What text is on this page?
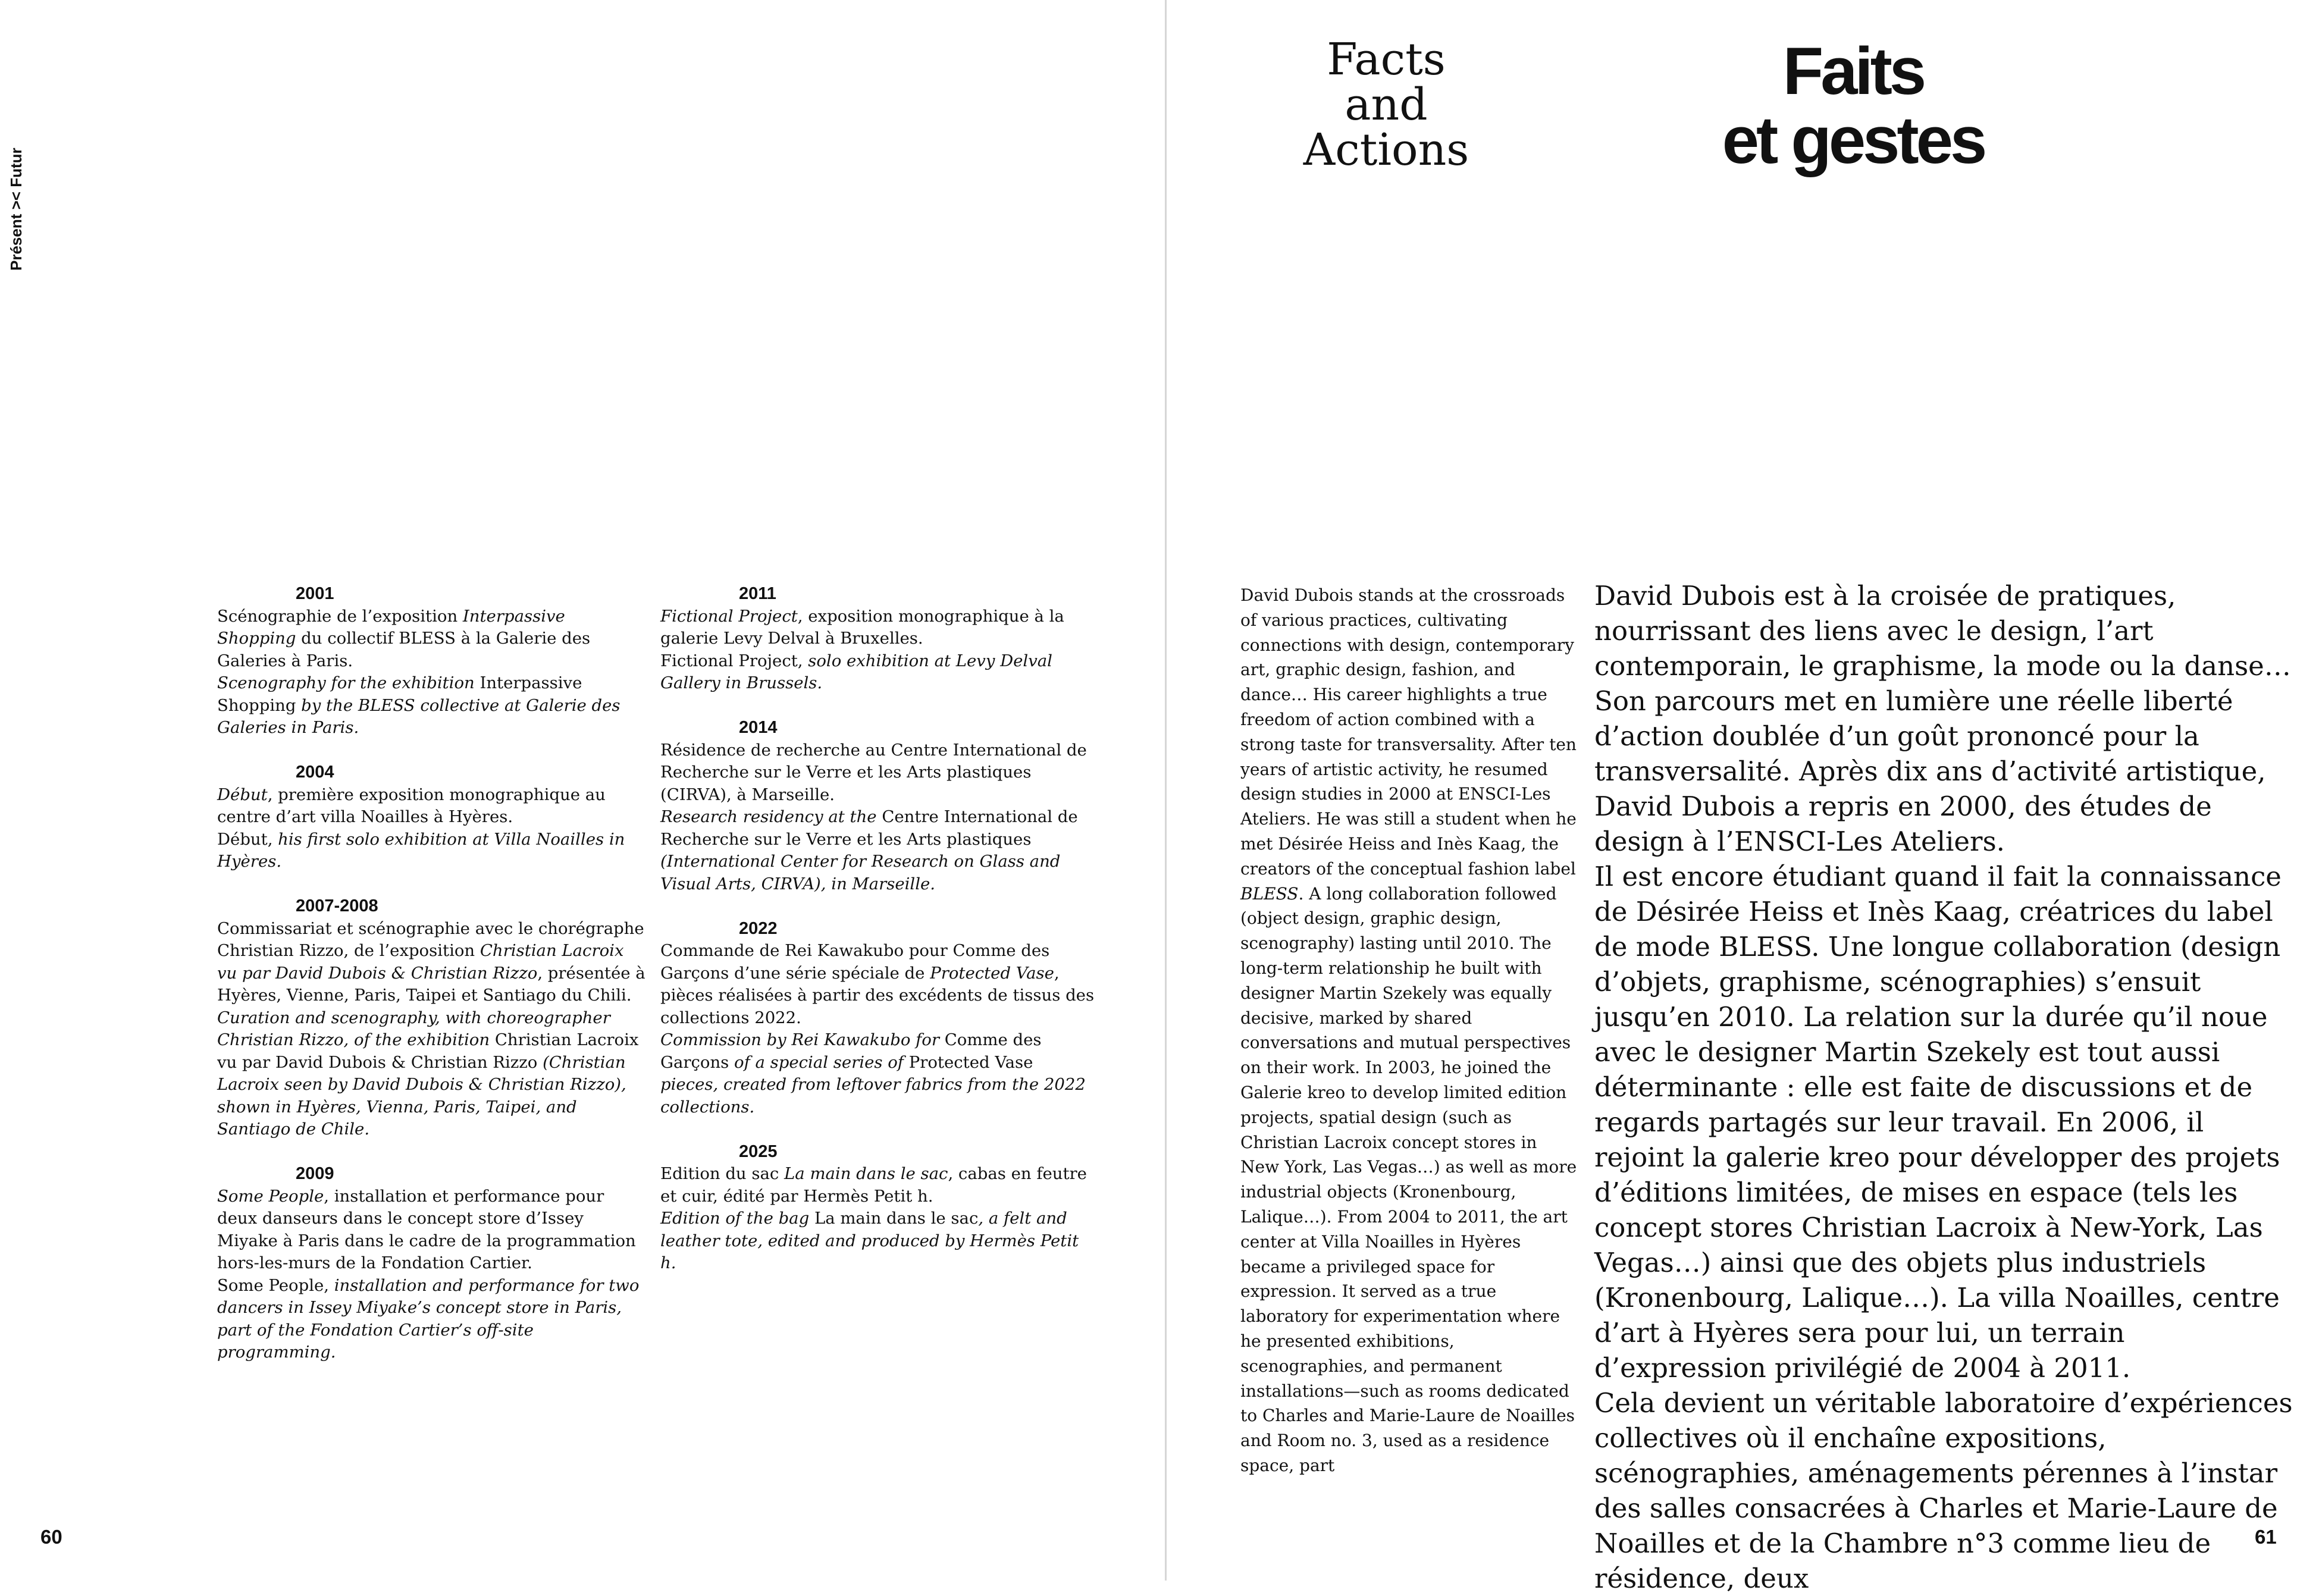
Présent >< Futur
60	61
Facts
and
Actions
Faits
et gestes
2001

Scénographie de l’exposition Interpassive Shopping du collectif BLESS à la Galerie des Galeries à Paris.

Scenography for the exhibition Interpassive Shopping by the BLESS collective at Galerie des Galeries in Paris.

2004

Début, première exposition monographique au centre d’art villa Noailles à Hyères.

Début, his first solo exhibition at Villa Noailles in Hyères.

2007-2008

Commissariat et scénographie avec le chorégraphe Christian Rizzo, de l’exposition Christian Lacroix vu par David Dubois & Christian Rizzo, présentée à Hyères, Vienne, Paris, Taipei et Santiago du Chili.

Curation and scenography, with choreographer Christian Rizzo, of the exhibition Christian Lacroix vu par David Dubois & Christian Rizzo (Christian Lacroix seen by David Dubois & Christian Rizzo), shown in Hyères, Vienna, Paris, Taipei, and Santiago de Chile.

2009

Some People, installation et performance pour deux danseurs dans le concept store d’Issey Miyake à Paris dans le cadre de la programmation hors-les-murs de la Fondation Cartier.

Some People, installation and performance for two dancers in Issey Miyake’s concept store in Paris, part of the Fondation Cartier’s off-site programming.

2011

Fictional Project, exposition monographique à la galerie Levy Delval à Bruxelles.

Fictional Project, solo exhibition at Levy Delval Gallery in Brussels.

2014

Résidence de recherche au Centre International de Recherche sur le Verre et les Arts plastiques (CIRVA), à Marseille.

Research residency at the Centre International de Recherche sur le Verre et les Arts plastiques (International Center for Research on Glass and Visual Arts, CIRVA), in Marseille.

2022

Commande de Rei Kawakubo pour Comme des Garçons d’une série spéciale de Protected Vase, pièces réalisées à partir des excédents de tissus des collections 2022.

Commission by Rei Kawakubo for Comme des Garçons of a special series of Protected Vase pieces, created from leftover fabrics from the 2022 collections.

2025

Edition du sac La main dans le sac, cabas en feutre et cuir, édité par Hermès Petit h.

Edition of the bag La main dans le sac, a felt and leather tote, edited and produced by Hermès Petit h.

David Dubois stands at the crossroads of various practices, cultivating connections with design, contemporary art, graphic design, fashion, and dance… His career highlights a true freedom of action combined with a strong taste for transversality. After ten years of artistic activity, he resumed design studies in 2000 at ENSCI-Les Ateliers. He was still a student when he met Désirée Heiss and Inès Kaag, the creators of the conceptual fashion label BLESS. A long collaboration followed (object design, graphic design, scenography) lasting until 2010. The long-term relationship he built with designer Martin Szekely was equally decisive, marked by shared conversations and mutual perspectives on their work. In 2003, he joined the Galerie kreo to develop limited edition projects, spatial design (such as Christian Lacroix concept stores in New York, Las Vegas…) as well as more industrial objects (Kronenbourg, Lalique…). From 2004 to 2011, the art center at Villa Noailles in Hyères became a privileged space for expression. It served as a true laboratory for experimentation where he presented exhibitions, scenographies, and permanent installations—such as rooms dedicated to Charles and Marie-Laure de Noailles and Room no. 3, used as a residence space, part

David Dubois est à la croisée de pratiques, nourrissant des liens avec le design, l’art contemporain, le graphisme, la mode ou la danse… Son parcours met en lumière une réelle liberté d’action doublée d’un goût prononcé pour la transversalité. Après dix ans d’activité artistique, David Dubois a repris en 2000, des études de design à l’ENSCI-Les Ateliers.

Il est encore étudiant quand il fait la connaissance de Désirée Heiss et Inès Kaag, créatrices du label de mode BLESS. Une longue collaboration (design d’objets, graphisme, scénographies) s’ensuit jusqu’en 2010. La relation sur la durée qu’il noue avec le designer Martin Szekely est tout aussi déterminante : elle est faite de discussions et de regards partagés sur leur travail. En 2006, il rejoint la galerie kreo pour développer des projets d’éditions limitées, de mises en espace (tels les concept stores Christian Lacroix à New-York, Las Vegas…) ainsi que des objets plus industriels (Kronenbourg, Lalique…). La villa Noailles, centre d’art à Hyères sera pour lui, un terrain d’expression privilégié de 2004 à 2011.

Cela devient un véritable laboratoire d’expériences collectives où il enchaîne expositions, scénographies, aménagements pérennes à l’instar des salles consacrées à Charles et Marie-Laure de Noailles et de la Chambre n°3 comme lieu de résidence, deux
